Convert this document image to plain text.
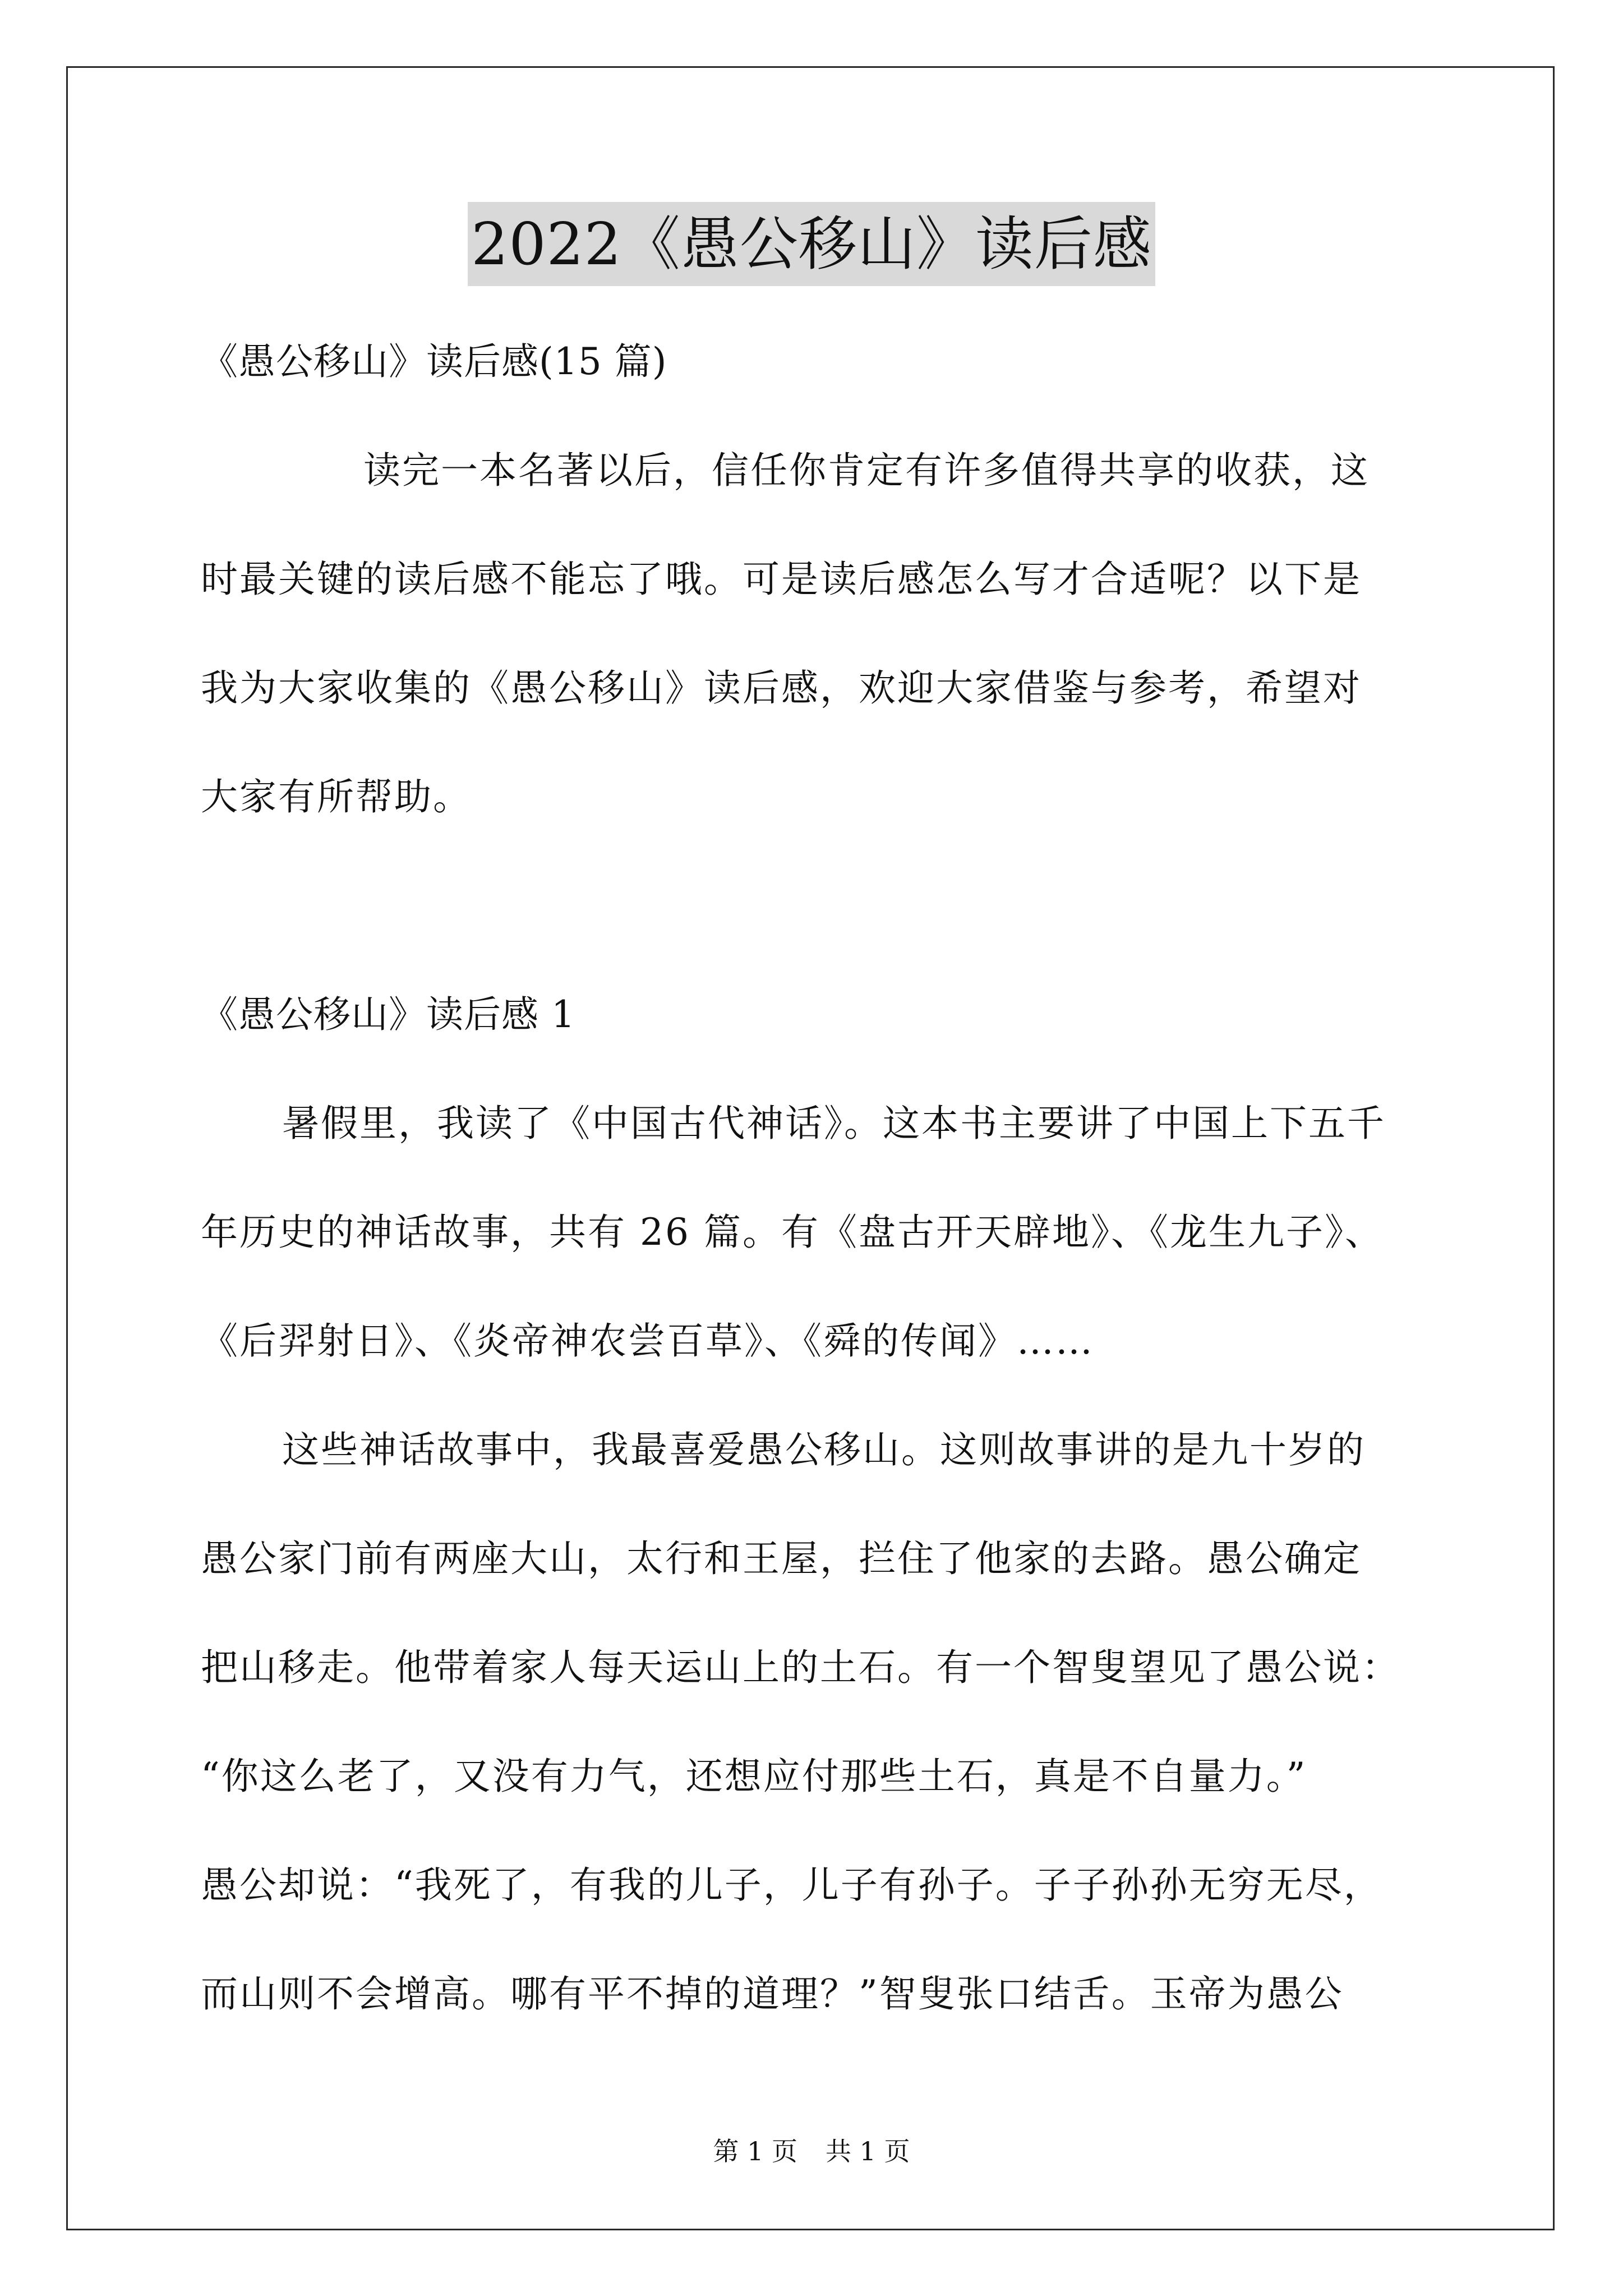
2022《愚公移山》读后感
《愚公移山》读后感(15 篇)
读完一本名著以后，信任你肯定有许多值得共享的收获，这
时最关键的读后感不能忘了哦。可是读后感怎么写才合适呢？以下是
我为大家收集的《愚公移山》读后感，欢迎大家借鉴与参考，希望对
大家有所帮助。
《愚公移山》读后感 1
暑假里，我读了《中国古代神话》。这本书主要讲了中国上下五千
年历史的神话故事，共有 26 篇。有《盘古开天辟地》、《龙生九子》、
《后羿射日》、《炎帝神农尝百草》、《舜的传闻》……
这些神话故事中，我最喜爱愚公移山。这则故事讲的是九十岁的
愚公家门前有两座大山，太行和王屋，拦住了他家的去路。愚公确定
把山移走。他带着家人每天运山上的土石。有一个智叟望见了愚公说：
“你这么老了，又没有力气，还想应付那些土石，真是不自量力。”
愚公却说：“我死了，有我的儿子，儿子有孙子。子子孙孙无穷无尽，
而山则不会增高。哪有平不掉的道理？”智叟张口结舌。玉帝为愚公
第 1 页 共 1 页
